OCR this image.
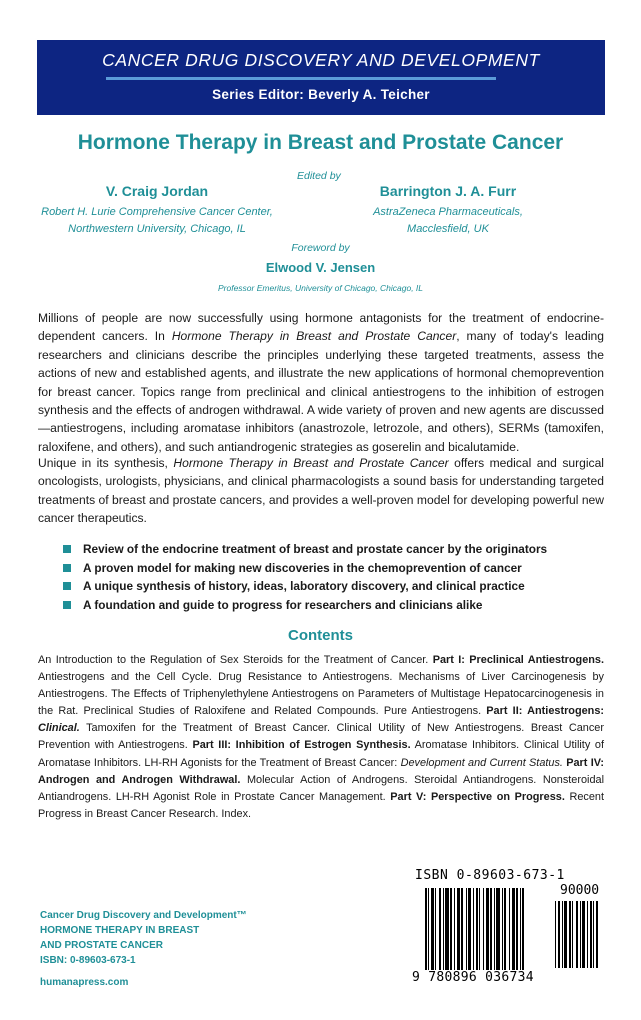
CANCER DRUG DISCOVERY AND DEVELOPMENT
Series Editor: Beverly A. Teicher
Hormone Therapy in Breast and Prostate Cancer
Edited by
V. Craig Jordan
Robert H. Lurie Comprehensive Cancer Center,
Northwestern University, Chicago, IL
Barrington J. A. Furr
AstraZeneca Pharmaceuticals,
Macclesfield, UK
Foreword by
Elwood V. Jensen
Professor Emeritus, University of Chicago, Chicago, IL

Millions of people are now successfully using hormone antagonists for the treatment of endocrine-dependent cancers. In Hormone Therapy in Breast and Prostate Cancer, many of today's leading researchers and clinicians describe the principles underlying these targeted treatments, assess the actions of new and established agents, and illustrate the new applications of hormonal chemoprevention for breast cancer. Topics range from preclinical and clinical antiestrogens to the inhibition of estrogen synthesis and the effects of androgen withdrawal. A wide variety of proven and new agents are discussed—antiestrogens, including aromatase inhibitors (anastrozole, letrozole, and others), SERMs (tamoxifen, raloxifene, and others), and such antiandrogenic strategies as goserelin and bicalutamide.

Unique in its synthesis, Hormone Therapy in Breast and Prostate Cancer offers medical and surgical oncologists, urologists, physicians, and clinical pharmacologists a sound basis for understanding targeted treatments of breast and prostate cancers, and provides a well-proven model for developing powerful new cancer therapeutics.

Review of the endocrine treatment of breast and prostate cancer by the originators
A proven model for making new discoveries in the chemoprevention of cancer
A unique synthesis of history, ideas, laboratory discovery, and clinical practice
A foundation and guide to progress for researchers and clinicians alike
Contents

An Introduction to the Regulation of Sex Steroids for the Treatment of Cancer. Part I: Preclinical Antiestrogens. Antiestrogens and the Cell Cycle. Drug Resistance to Antiestrogens. Mechanisms of Liver Carcinogenesis by Antiestrogens. The Effects of Triphenylethylene Antiestrogens on Parameters of Multistage Hepatocarcinogenesis in the Rat. Preclinical Studies of Raloxifene and Related Compounds. Pure Antiestrogens. Part II: Antiestrogens: Clinical. Tamoxifen for the Treatment of Breast Cancer. Clinical Utility of New Antiestrogens. Breast Cancer Prevention with Antiestrogens. Part III: Inhibition of Estrogen Synthesis. Aromatase Inhibitors. Clinical Utility of Aromatase Inhibitors. LH-RH Agonists for the Treatment of Breast Cancer: Development and Current Status. Part IV: Androgen and Androgen Withdrawal. Molecular Action of Androgens. Steroidal Antiandrogens. Nonsteroidal Antiandrogens. LH-RH Agonist Role in Prostate Cancer Management. Part V: Perspective on Progress. Recent Progress in Breast Cancer Research. Index.

Cancer Drug Discovery and Development™
HORMONE THERAPY IN BREAST
AND PROSTATE CANCER
ISBN: 0-89603-673-1
humanapress.com
ISBN 0-89603-673-1
90000
9 780896 036734
